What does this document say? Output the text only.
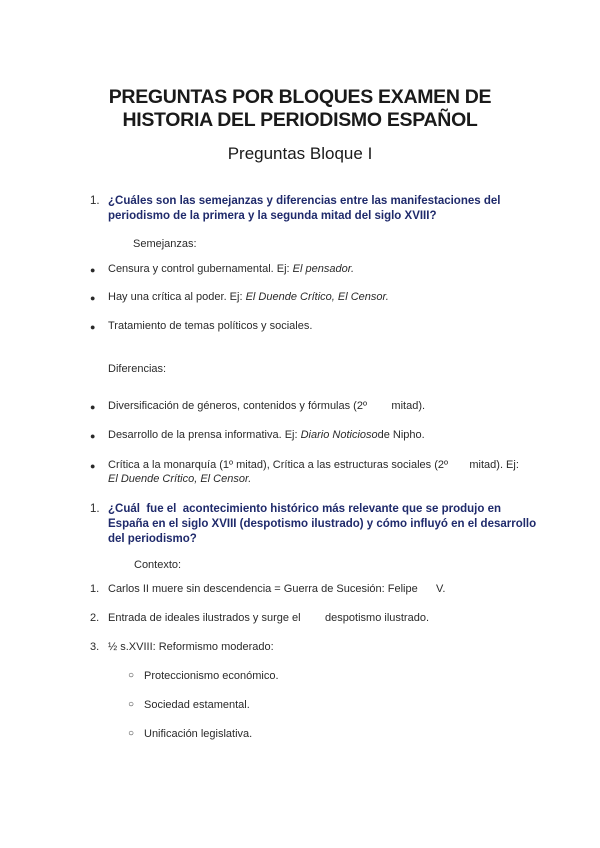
PREGUNTAS POR BLOQUES EXAMEN DE
HISTORIA DEL PERIODISMO ESPAÑOL
Preguntas Bloque I
1. ¿Cuáles son las semejanzas y diferencias entre las manifestaciones del
periodismo de la primera y la segunda mitad del siglo XVIII?
Semejanzas:
● Censura y control gubernamental. Ej: El pensador.
● Hay una crítica al poder. Ej: El Duende Crítico, El Censor.
● Tratamiento de temas políticos y sociales.
Diferencias:
● Diversificación de géneros, contenidos y fórmulas (2º        mitad).
● Desarrollo de la prensa informativa. Ej: Diario Noticiosode Nipho.
● Crítica a la monarquía (1º mitad), Crítica a las estructuras sociales (2º       mitad). Ej:
El Duende Crítico, El Censor.
1. ¿Cuál  fue el  acontecimiento histórico más relevante que se produjo en
España en el siglo XVIII (despotismo ilustrado) y cómo influyó en el desarrollo
del periodismo?
Contexto:
1. Carlos II muere sin descendencia = Guerra de Sucesión: Felipe      V.
2. Entrada de ideales ilustrados y surge el        despotismo ilustrado.
3. ½ s.XVIII: Reformismo moderado:
○ Proteccionismo económico.
○ Sociedad estamental.
○ Unificación legislativa.
